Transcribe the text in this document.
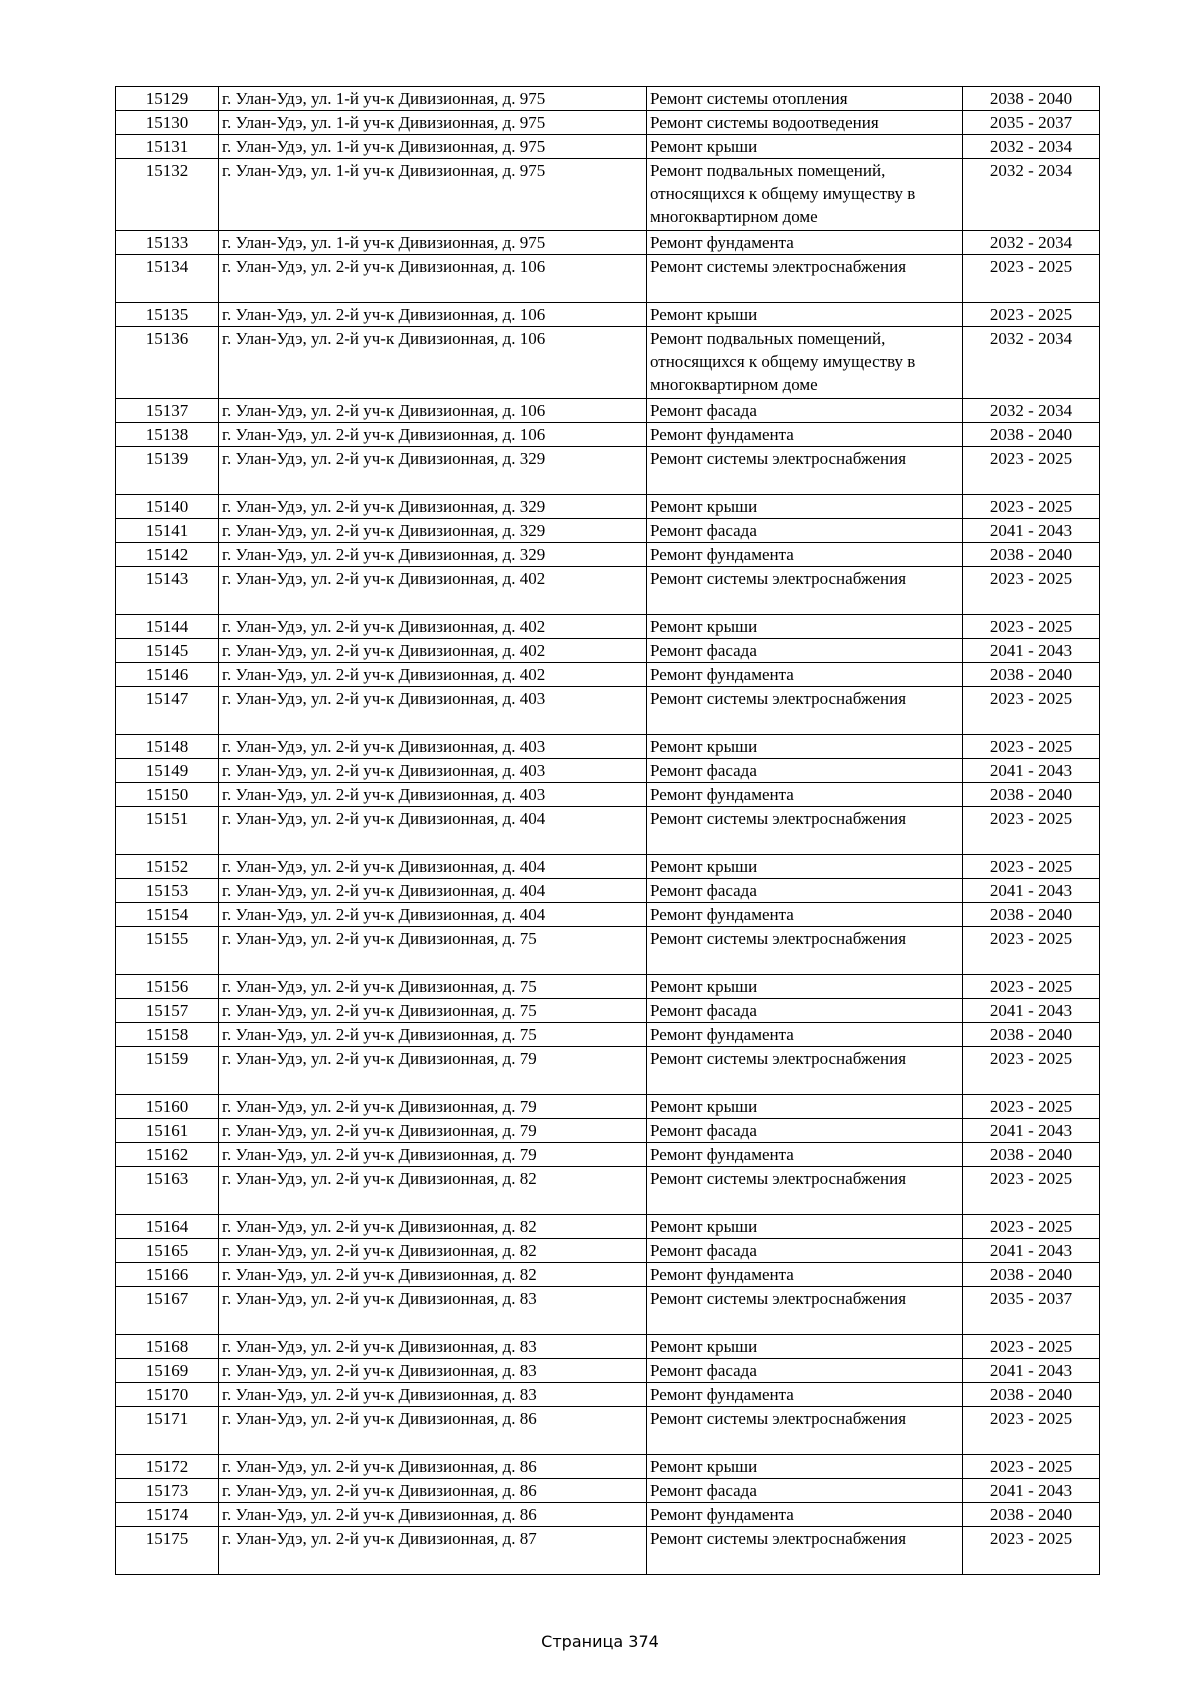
15129	г. Улан-Удэ, ул. 1-й уч-к Дивизионная, д. 975	Ремонт системы отопления	2038 - 2040
15130	г. Улан-Удэ, ул. 1-й уч-к Дивизионная, д. 975	Ремонт системы водоотведения	2035 - 2037
15131	г. Улан-Удэ, ул. 1-й уч-к Дивизионная, д. 975	Ремонт крыши	2032 - 2034
15132	г. Улан-Удэ, ул. 1-й уч-к Дивизионная, д. 975	Ремонт подвальных помещений, относящихся к общему имуществу в многоквартирном доме	2032 - 2034
15133	г. Улан-Удэ, ул. 1-й уч-к Дивизионная, д. 975	Ремонт фундамента	2032 - 2034
15134	г. Улан-Удэ, ул. 2-й уч-к Дивизионная, д. 106	Ремонт системы электроснабжения	2023 - 2025
15135	г. Улан-Удэ, ул. 2-й уч-к Дивизионная, д. 106	Ремонт крыши	2023 - 2025
15136	г. Улан-Удэ, ул. 2-й уч-к Дивизионная, д. 106	Ремонт подвальных помещений, относящихся к общему имуществу в многоквартирном доме	2032 - 2034
15137	г. Улан-Удэ, ул. 2-й уч-к Дивизионная, д. 106	Ремонт фасада	2032 - 2034
15138	г. Улан-Удэ, ул. 2-й уч-к Дивизионная, д. 106	Ремонт фундамента	2038 - 2040
15139	г. Улан-Удэ, ул. 2-й уч-к Дивизионная, д. 329	Ремонт системы электроснабжения	2023 - 2025
15140	г. Улан-Удэ, ул. 2-й уч-к Дивизионная, д. 329	Ремонт крыши	2023 - 2025
15141	г. Улан-Удэ, ул. 2-й уч-к Дивизионная, д. 329	Ремонт фасада	2041 - 2043
15142	г. Улан-Удэ, ул. 2-й уч-к Дивизионная, д. 329	Ремонт фундамента	2038 - 2040
15143	г. Улан-Удэ, ул. 2-й уч-к Дивизионная, д. 402	Ремонт системы электроснабжения	2023 - 2025
15144	г. Улан-Удэ, ул. 2-й уч-к Дивизионная, д. 402	Ремонт крыши	2023 - 2025
15145	г. Улан-Удэ, ул. 2-й уч-к Дивизионная, д. 402	Ремонт фасада	2041 - 2043
15146	г. Улан-Удэ, ул. 2-й уч-к Дивизионная, д. 402	Ремонт фундамента	2038 - 2040
15147	г. Улан-Удэ, ул. 2-й уч-к Дивизионная, д. 403	Ремонт системы электроснабжения	2023 - 2025
15148	г. Улан-Удэ, ул. 2-й уч-к Дивизионная, д. 403	Ремонт крыши	2023 - 2025
15149	г. Улан-Удэ, ул. 2-й уч-к Дивизионная, д. 403	Ремонт фасада	2041 - 2043
15150	г. Улан-Удэ, ул. 2-й уч-к Дивизионная, д. 403	Ремонт фундамента	2038 - 2040
15151	г. Улан-Удэ, ул. 2-й уч-к Дивизионная, д. 404	Ремонт системы электроснабжения	2023 - 2025
15152	г. Улан-Удэ, ул. 2-й уч-к Дивизионная, д. 404	Ремонт крыши	2023 - 2025
15153	г. Улан-Удэ, ул. 2-й уч-к Дивизионная, д. 404	Ремонт фасада	2041 - 2043
15154	г. Улан-Удэ, ул. 2-й уч-к Дивизионная, д. 404	Ремонт фундамента	2038 - 2040
15155	г. Улан-Удэ, ул. 2-й уч-к Дивизионная, д. 75	Ремонт системы электроснабжения	2023 - 2025
15156	г. Улан-Удэ, ул. 2-й уч-к Дивизионная, д. 75	Ремонт крыши	2023 - 2025
15157	г. Улан-Удэ, ул. 2-й уч-к Дивизионная, д. 75	Ремонт фасада	2041 - 2043
15158	г. Улан-Удэ, ул. 2-й уч-к Дивизионная, д. 75	Ремонт фундамента	2038 - 2040
15159	г. Улан-Удэ, ул. 2-й уч-к Дивизионная, д. 79	Ремонт системы электроснабжения	2023 - 2025
15160	г. Улан-Удэ, ул. 2-й уч-к Дивизионная, д. 79	Ремонт крыши	2023 - 2025
15161	г. Улан-Удэ, ул. 2-й уч-к Дивизионная, д. 79	Ремонт фасада	2041 - 2043
15162	г. Улан-Удэ, ул. 2-й уч-к Дивизионная, д. 79	Ремонт фундамента	2038 - 2040
15163	г. Улан-Удэ, ул. 2-й уч-к Дивизионная, д. 82	Ремонт системы электроснабжения	2023 - 2025
15164	г. Улан-Удэ, ул. 2-й уч-к Дивизионная, д. 82	Ремонт крыши	2023 - 2025
15165	г. Улан-Удэ, ул. 2-й уч-к Дивизионная, д. 82	Ремонт фасада	2041 - 2043
15166	г. Улан-Удэ, ул. 2-й уч-к Дивизионная, д. 82	Ремонт фундамента	2038 - 2040
15167	г. Улан-Удэ, ул. 2-й уч-к Дивизионная, д. 83	Ремонт системы электроснабжения	2035 - 2037
15168	г. Улан-Удэ, ул. 2-й уч-к Дивизионная, д. 83	Ремонт крыши	2023 - 2025
15169	г. Улан-Удэ, ул. 2-й уч-к Дивизионная, д. 83	Ремонт фасада	2041 - 2043
15170	г. Улан-Удэ, ул. 2-й уч-к Дивизионная, д. 83	Ремонт фундамента	2038 - 2040
15171	г. Улан-Удэ, ул. 2-й уч-к Дивизионная, д. 86	Ремонт системы электроснабжения	2023 - 2025
15172	г. Улан-Удэ, ул. 2-й уч-к Дивизионная, д. 86	Ремонт крыши	2023 - 2025
15173	г. Улан-Удэ, ул. 2-й уч-к Дивизионная, д. 86	Ремонт фасада	2041 - 2043
15174	г. Улан-Удэ, ул. 2-й уч-к Дивизионная, д. 86	Ремонт фундамента	2038 - 2040
15175	г. Улан-Удэ, ул. 2-й уч-к Дивизионная, д. 87	Ремонт системы электроснабжения	2023 - 2025
Страница 374
